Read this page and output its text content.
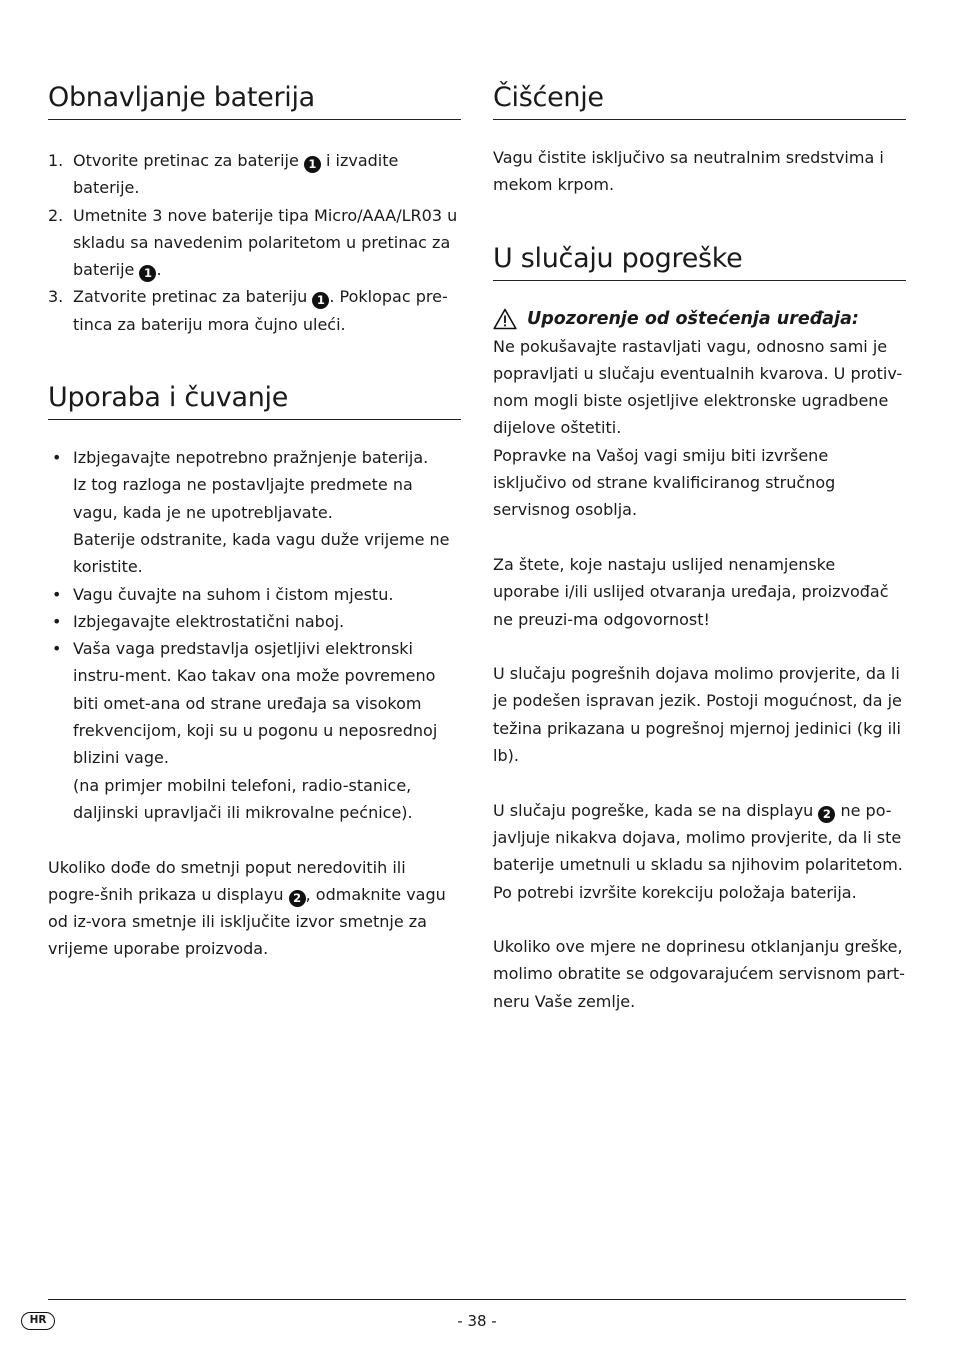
Obnavljanje baterija
1. Otvorite pretinac za baterije 1 i izvadite baterije.
2. Umetnite 3 nove baterije tipa Micro/AAA/LR03 u skladu sa navedenim polaritetom u pretinac za baterije 1 .
3. Zatvorite pretinac za bateriju 1 . Poklopac pre-tinca za bateriju mora čujno uleći.
Uporaba i čuvanje
• Izbjegavajte nepotrebno pražnjenje baterija.

Iz tog razloga ne postavljajte predmete na vagu, kada je ne upotrebljavate.

Baterije odstranite, kada vagu duže vrijeme ne koristite.

• Vagu čuvajte na suhom i čistom mjestu.

• Izbjegavajte elektrostatični naboj.

• Vaša vaga predstavlja osjetljivi elektronski instru-ment. Kao takav ona može povremeno biti omet-ana od strane uređaja sa visokom frekvencijom, koji su u pogonu u neposrednoj blizini vage.

(na primjer mobilni telefoni, radio-stanice, daljinski upravljači ili mikrovalne pećnice).

Ukoliko dođe do smetnji poput neredovitih ili pogre-šnih prikaza u displayu 2 , odmaknite vagu od iz-vora smetnje ili isključite izvor smetnje za vrijeme uporabe proizvoda.

Čišćenje

Vagu čistite isključivo sa neutralnim sredstvima i mekom krpom.

U slučaju pogreške

Upozorenje od oštećenja uređaja:

Ne pokušavajte rastavljati vagu, odnosno sami je popravljati u slučaju eventualnih kvarova. U protiv-nom mogli biste osjetljive elektronske ugradbene dijelove oštetiti.

Popravke na Vašoj vagi smiju biti izvršene isključivo od strane kvalificiranog stručnog servisnog osoblja.

Za štete, koje nastaju uslijed nenamjenske uporabe i/ili uslijed otvaranja uređaja, proizvođač ne preuzi-ma odgovornost!

U slučaju pogrešnih dojava molimo provjerite, da li je podešen ispravan jezik. Postoji mogućnost, da je težina prikazana u pogrešnoj mjernoj jedinici (kg ili lb).

U slučaju pogreške, kada se na displayu 2 ne po-javljuje nikakva dojava, molimo provjerite, da li ste baterije umetnuli u skladu sa njihovim polaritetom. Po potrebi izvršite korekciju položaja baterija.

Ukoliko ove mjere ne doprinesu otklanjanju greške, molimo obratite se odgovarajućem servisnom part-neru Vaše zemlje.

HR	- 38 -
